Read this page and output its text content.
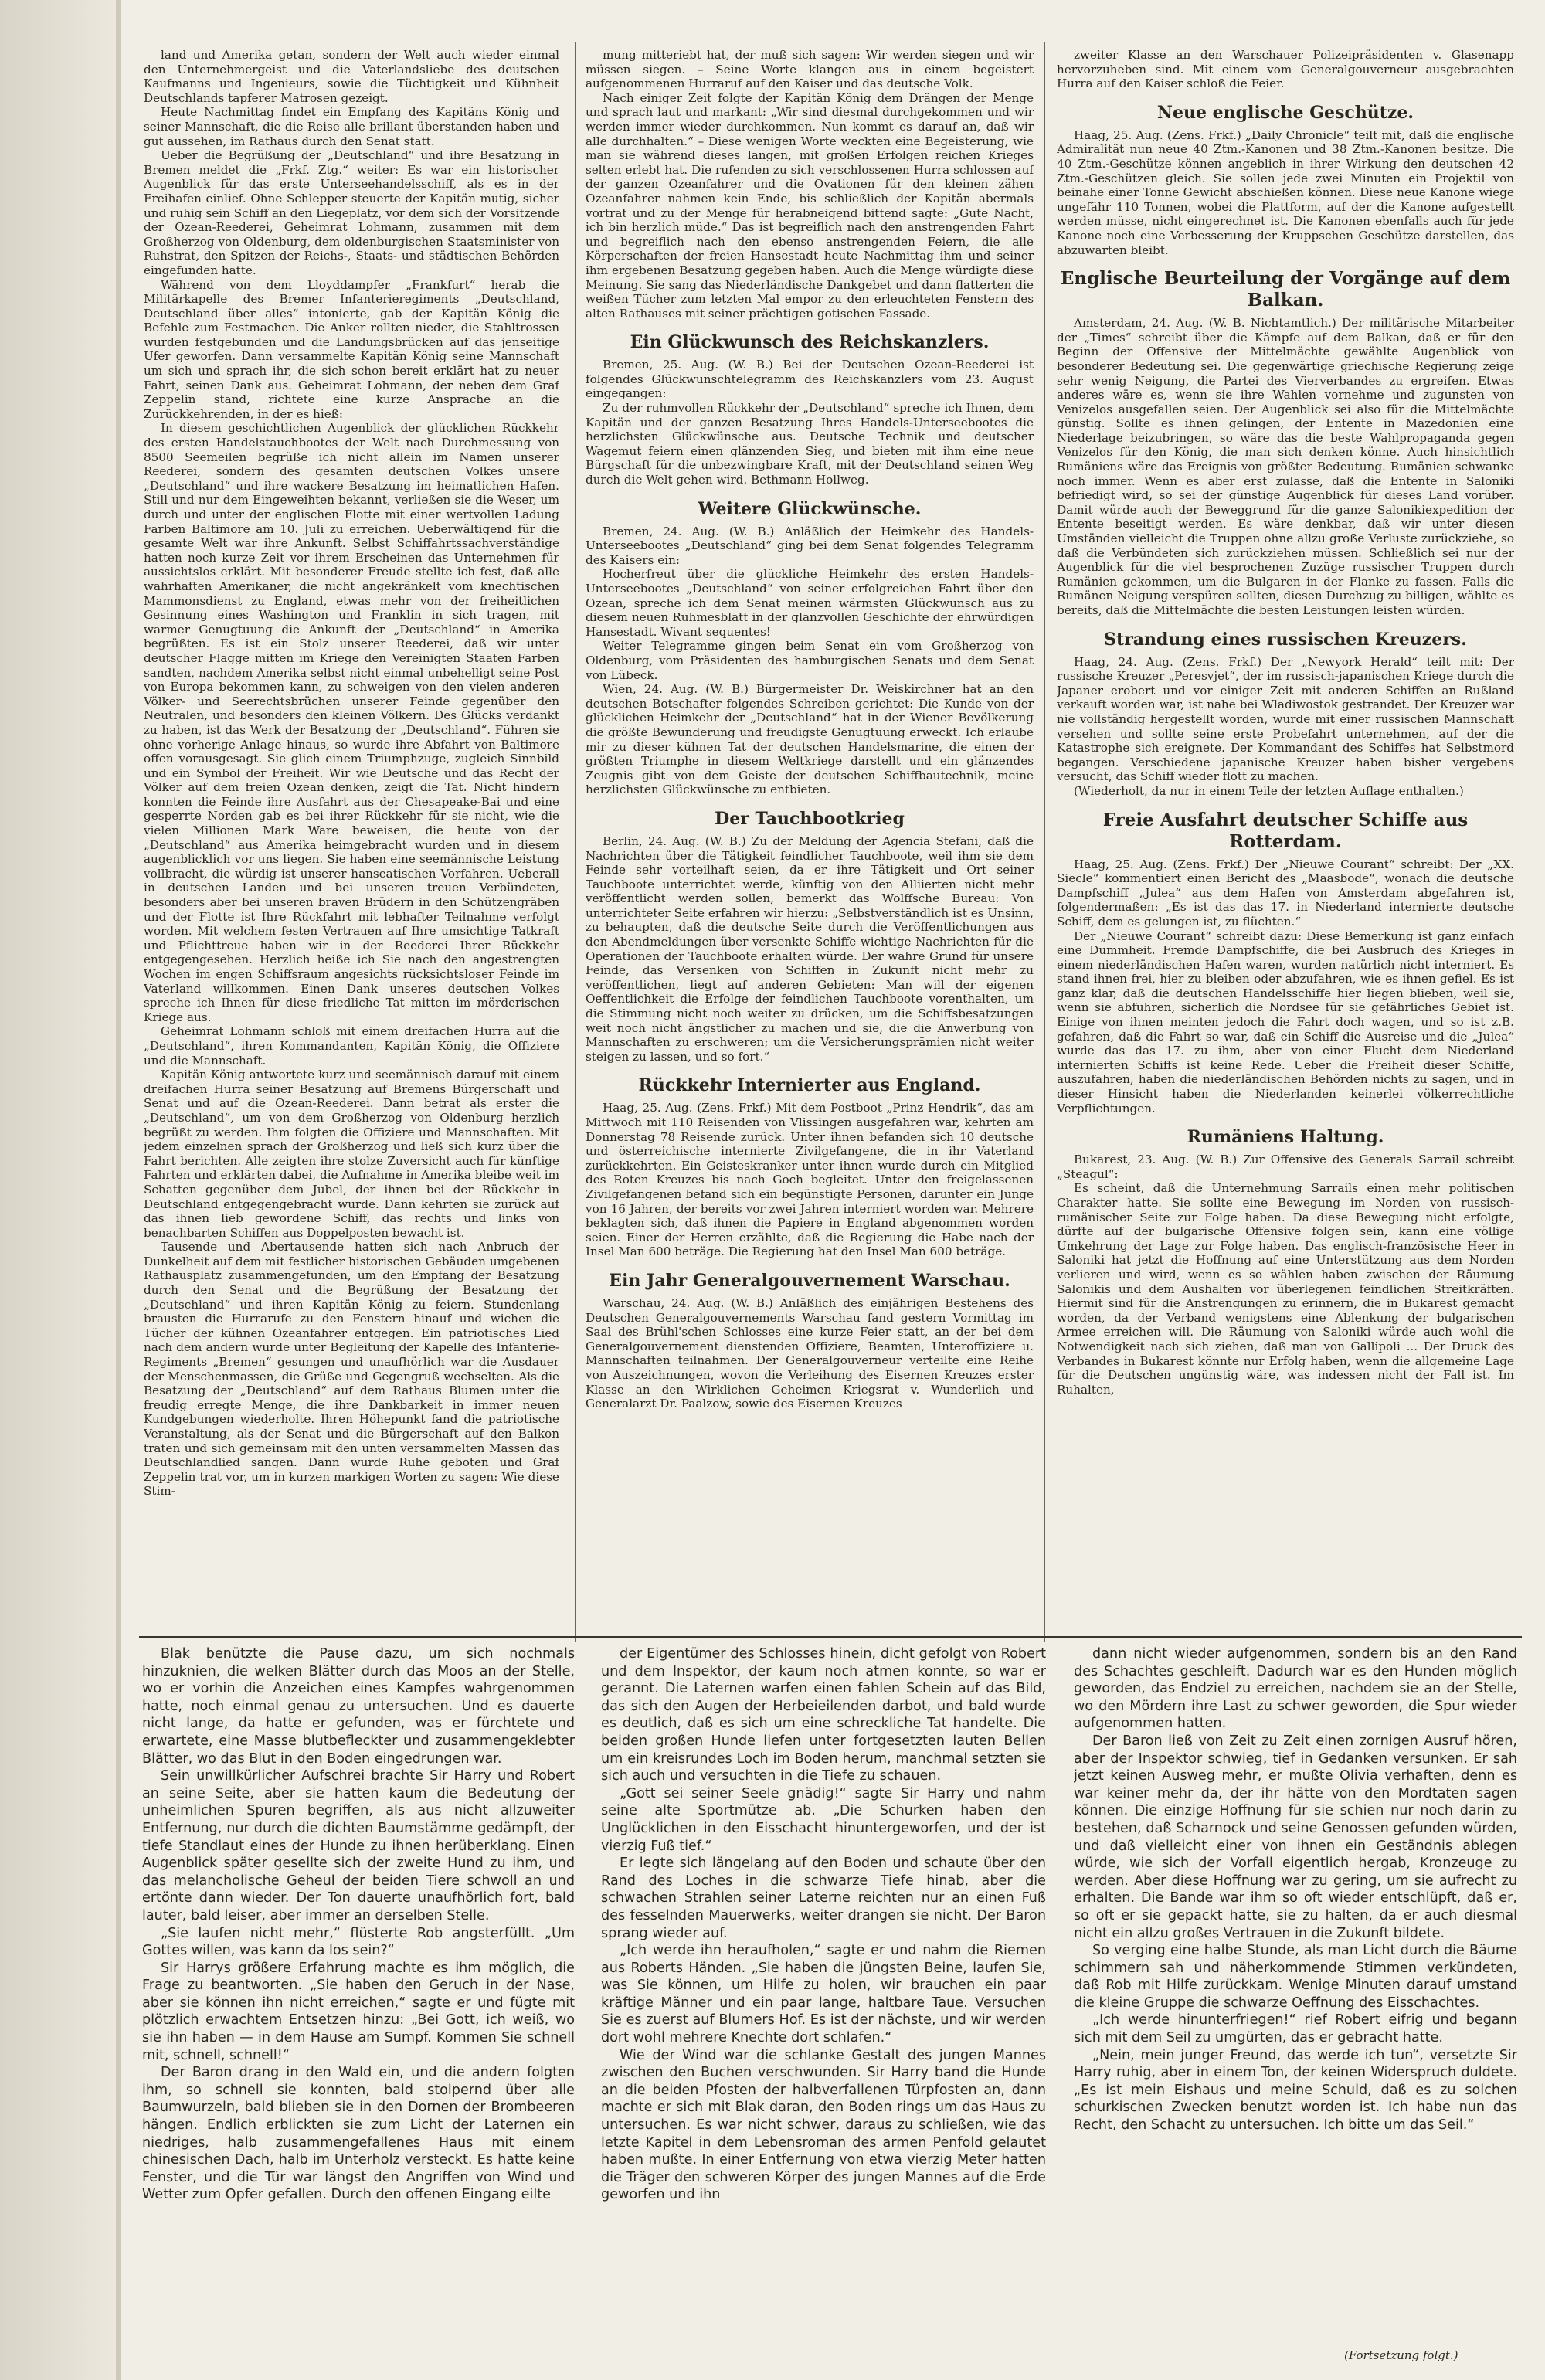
land und Amerika getan, sondern der Welt auch wieder einmal den Unternehmergeist und die Vaterlandsliebe des deutschen Kaufmanns und Ingenieurs, sowie die Tüchtigkeit und Kühnheit Deutschlands tapferer Matrosen gezeigt.

Heute Nachmittag findet ein Empfang des Kapitäns König und seiner Mannschaft, die die Reise alle brillant überstanden haben und gut aussehen, im Rathaus durch den Senat statt.

Ueber die Begrüßung der „Deutschland“ und ihre Besatzung in Bremen meldet die „Frkf. Ztg.“ weiter: Es war ein historischer Augenblick für das erste Unterseehandelsschiff, als es in der Freihafen einlief. Ohne Schlepper steuerte der Kapitän mutig, sicher und ruhig sein Schiff an den Liegeplatz, vor dem sich der Vorsitzende der Ozean-Reederei, Geheimrat Lohmann, zusammen mit dem Großherzog von Oldenburg, dem oldenburgischen Staatsminister von Ruhstrat, den Spitzen der Reichs-, Staats- und städtischen Behörden eingefunden hatte.

Während von dem Lloyddampfer „Frankfurt“ herab die Militärkapelle des Bremer Infanterieregiments „Deutschland, Deutschland über alles“ intonierte, gab der Kapitän König die Befehle zum Festmachen. Die Anker rollten nieder, die Stahltrossen wurden festgebunden und die Landungsbrücken auf das jenseitige Ufer geworfen. Dann versammelte Kapitän König seine Mannschaft um sich und sprach ihr, die sich schon bereit erklärt hat zu neuer Fahrt, seinen Dank aus. Geheimrat Lohmann, der neben dem Graf Zeppelin stand, richtete eine kurze Ansprache an die Zurückkehrenden, in der es hieß:

In diesem geschichtlichen Augenblick der glücklichen Rückkehr des ersten Handelstauchbootes der Welt nach Durchmessung von 8500 Seemeilen begrüße ich nicht allein im Namen unserer Reederei, sondern des gesamten deutschen Volkes unsere „Deutschland“ und ihre wackere Besatzung im heimatlichen Hafen. Still und nur dem Eingeweihten bekannt, verließen sie die Weser, um durch und unter der englischen Flotte mit einer wertvollen Ladung Farben Baltimore am 10. Juli zu erreichen. Ueberwältigend für die gesamte Welt war ihre Ankunft. Selbst Schiffahrtssachverständige hatten noch kurze Zeit vor ihrem Erscheinen das Unternehmen für aussichtslos erklärt. Mit besonderer Freude stellte ich fest, daß alle wahrhaften Amerikaner, die nicht angekränkelt vom knechtischen Mammonsdienst zu England, etwas mehr von der freiheitlichen Gesinnung eines Washington und Franklin in sich tragen, mit warmer Genugtuung die Ankunft der „Deutschland“ in Amerika begrüßten. Es ist ein Stolz unserer Reederei, daß wir unter deutscher Flagge mitten im Kriege den Vereinigten Staaten Farben sandten, nachdem Amerika selbst nicht einmal unbehelligt seine Post von Europa bekommen kann, zu schweigen von den vielen anderen Völker- und Seerechtsbrüchen unserer Feinde gegenüber den Neutralen, und besonders den kleinen Völkern. Des Glücks verdankt zu haben, ist das Werk der Besatzung der „Deutschland“. Führen sie ohne vorherige Anlage hinaus, so wurde ihre Abfahrt von Baltimore offen vorausgesagt. Sie glich einem Triumphzuge, zugleich Sinnbild und ein Symbol der Freiheit. Wir wie Deutsche und das Recht der Völker auf dem freien Ozean denken, zeigt die Tat. Nicht hindern konnten die Feinde ihre Ausfahrt aus der Chesapeake-Bai und eine gesperrte Norden gab es bei ihrer Rückkehr für sie nicht, wie die vielen Millionen Mark Ware beweisen, die heute von der „Deutschland“ aus Amerika heimgebracht wurden und in diesem augenblicklich vor uns liegen. Sie haben eine seemännische Leistung vollbracht, die würdig ist unserer hanseatischen Vorfahren. Ueberall in deutschen Landen und bei unseren treuen Verbündeten, besonders aber bei unseren braven Brüdern in den Schützengräben und der Flotte ist Ihre Rückfahrt mit lebhafter Teilnahme verfolgt worden. Mit welchem festen Vertrauen auf Ihre umsichtige Tatkraft und Pflichttreue haben wir in der Reederei Ihrer Rückkehr entgegengesehen. Herzlich heiße ich Sie nach den angestrengten Wochen im engen Schiffsraum angesichts rücksichtsloser Feinde im Vaterland willkommen. Einen Dank unseres deutschen Volkes spreche ich Ihnen für diese friedliche Tat mitten im mörderischen Kriege aus.

Geheimrat Lohmann schloß mit einem dreifachen Hurra auf die „Deutschland“, ihren Kommandanten, Kapitän König, die Offiziere und die Mannschaft.

Kapitän König antwortete kurz und seemännisch darauf mit einem dreifachen Hurra seiner Besatzung auf Bremens Bürgerschaft und Senat und auf die Ozean-Reederei. Dann betrat als erster die „Deutschland“, um von dem Großherzog von Oldenburg herzlich begrüßt zu werden. Ihm folgten die Offiziere und Mannschaften. Mit jedem einzelnen sprach der Großherzog und ließ sich kurz über die Fahrt berichten. Alle zeigten ihre stolze Zuversicht auch für künftige Fahrten und erklärten dabei, die Aufnahme in Amerika bleibe weit im Schatten gegenüber dem Jubel, der ihnen bei der Rückkehr in Deutschland entgegengebracht wurde. Dann kehrten sie zurück auf das ihnen lieb gewordene Schiff, das rechts und links von benachbarten Schiffen aus Doppelposten bewacht ist.

Tausende und Abertausende hatten sich nach Anbruch der Dunkelheit auf dem mit festlicher historischen Gebäuden umgebenen Rathausplatz zusammengefunden, um den Empfang der Besatzung durch den Senat und die Begrüßung der Besatzung der „Deutschland“ und ihren Kapitän König zu feiern. Stundenlang brausten die Hurrarufe zu den Fenstern hinauf und wichen die Tücher der kühnen Ozeanfahrer entgegen. Ein patriotisches Lied nach dem andern wurde unter Begleitung der Kapelle des Infanterie-Regiments „Bremen“ gesungen und unaufhörlich war die Ausdauer der Menschenmassen, die Grüße und Gegengruß wechselten. Als die Besatzung der „Deutschland“ auf dem Rathaus Blumen unter die freudig erregte Menge, die ihre Dankbarkeit in immer neuen Kundgebungen wiederholte. Ihren Höhepunkt fand die patriotische Veranstaltung, als der Senat und die Bürgerschaft auf den Balkon traten und sich gemeinsam mit den unten versammelten Massen das Deutschlandlied sangen. Dann wurde Ruhe geboten und Graf Zeppelin trat vor, um in kurzen markigen Worten zu sagen: Wie diese Stim-

mung mitteriebt hat, der muß sich sagen: Wir werden siegen und wir müssen siegen. – Seine Worte klangen aus in einem begeistert aufgenommenen Hurraruf auf den Kaiser und das deutsche Volk.

Nach einiger Zeit folgte der Kapitän König dem Drängen der Menge und sprach laut und markant: „Wir sind diesmal durchgekommen und wir werden immer wieder durchkommen. Nun kommt es darauf an, daß wir alle durchhalten.“ – Diese wenigen Worte weckten eine Begeisterung, wie man sie während dieses langen, mit großen Erfolgen reichen Krieges selten erlebt hat. Die rufenden zu sich verschlossenen Hurra schlossen auf der ganzen Ozeanfahrer und die Ovationen für den kleinen zähen Ozeanfahrer nahmen kein Ende, bis schließlich der Kapitän abermals vortrat und zu der Menge für herabneigend bittend sagte: „Gute Nacht, ich bin herzlich müde.“ Das ist begreiflich nach den anstrengenden Fahrt und begreiflich nach den ebenso anstrengenden Feiern, die alle Körperschaften der freien Hansestadt heute Nachmittag ihm und seiner ihm ergebenen Besatzung gegeben haben. Auch die Menge würdigte diese Meinung. Sie sang das Niederländische Dankgebet und dann flatterten die weißen Tücher zum letzten Mal empor zu den erleuchteten Fenstern des alten Rathauses mit seiner prächtigen gotischen Fassade.

Ein Glückwunsch des Reichskanzlers.

Bremen, 25. Aug. (W. B.) Bei der Deutschen Ozean-Reederei ist folgendes Glückwunschtelegramm des Reichskanzlers vom 23. August eingegangen:

Zu der ruhmvollen Rückkehr der „Deutschland“ spreche ich Ihnen, dem Kapitän und der ganzen Besatzung Ihres Handels-Unterseebootes die herzlichsten Glückwünsche aus. Deutsche Technik und deutscher Wagemut feiern einen glänzenden Sieg, und bieten mit ihm eine neue Bürgschaft für die unbezwingbare Kraft, mit der Deutschland seinen Weg durch die Welt gehen wird. Bethmann Hollweg.

Weitere Glückwünsche.

Bremen, 24. Aug. (W. B.) Anläßlich der Heimkehr des Handels-Unterseebootes „Deutschland“ ging bei dem Senat folgendes Telegramm des Kaisers ein:

Hocherfreut über die glückliche Heimkehr des ersten Handels-Unterseebootes „Deutschland“ von seiner erfolgreichen Fahrt über den Ozean, spreche ich dem Senat meinen wärmsten Glückwunsch aus zu diesem neuen Ruhmesblatt in der glanzvollen Geschichte der ehrwürdigen Hansestadt. Wivant sequentes!

Weiter Telegramme gingen beim Senat ein vom Großherzog von Oldenburg, vom Präsidenten des hamburgischen Senats und dem Senat von Lübeck.

Wien, 24. Aug. (W. B.) Bürgermeister Dr. Weiskirchner hat an den deutschen Botschafter folgendes Schreiben gerichtet: Die Kunde von der glücklichen Heimkehr der „Deutschland“ hat in der Wiener Bevölkerung die größte Bewunderung und freudigste Genugtuung erweckt. Ich erlaube mir zu dieser kühnen Tat der deutschen Handelsmarine, die einen der größten Triumphe in diesem Weltkriege darstellt und ein glänzendes Zeugnis gibt von dem Geiste der deutschen Schiffbautechnik, meine herzlichsten Glückwünsche zu entbieten.

Der Tauchbootkrieg

Berlin, 24. Aug. (W. B.) Zu der Meldung der Agencia Stefani, daß die Nachrichten über die Tätigkeit feindlicher Tauchboote, weil ihm sie dem Feinde sehr vorteilhaft seien, da er ihre Tätigkeit und Ort seiner Tauchboote unterrichtet werde, künftig von den Alliierten nicht mehr veröffentlicht werden sollen, bemerkt das Wolffsche Bureau: Von unterrichteter Seite erfahren wir hierzu: „Selbstverständlich ist es Unsinn, zu behaupten, daß die deutsche Seite durch die Veröffentlichungen aus den Abendmeldungen über versenkte Schiffe wichtige Nachrichten für die Operationen der Tauchboote erhalten würde. Der wahre Grund für unsere Feinde, das Versenken von Schiffen in Zukunft nicht mehr zu veröffentlichen, liegt auf anderen Gebieten: Man will der eigenen Oeffentlichkeit die Erfolge der feindlichen Tauchboote vorenthalten, um die Stimmung nicht noch weiter zu drücken, um die Schiffsbesatzungen weit noch nicht ängstlicher zu machen und sie, die die Anwerbung von Mannschaften zu erschweren; um die Versicherungsprämien nicht weiter steigen zu lassen, und so fort.“

Rückkehr Internierter aus England.

Haag, 25. Aug. (Zens. Frkf.) Mit dem Postboot „Prinz Hendrik“, das am Mittwoch mit 110 Reisenden von Vlissingen ausgefahren war, kehrten am Donnerstag 78 Reisende zurück. Unter ihnen befanden sich 10 deutsche und österreichische internierte Zivilgefangene, die in ihr Vaterland zurückkehrten. Ein Geisteskranker unter ihnen wurde durch ein Mitglied des Roten Kreuzes bis nach Goch begleitet. Unter den freigelassenen Zivilgefangenen befand sich ein begünstigte Personen, darunter ein Junge von 16 Jahren, der bereits vor zwei Jahren interniert worden war. Mehrere beklagten sich, daß ihnen die Papiere in England abgenommen worden seien. Einer der Herren erzählte, daß die Regierung die Habe nach der Insel Man 600 beträge. Die Regierung hat den Insel Man 600 beträge.

Ein Jahr Generalgouvernement Warschau.

Warschau, 24. Aug. (W. B.) Anläßlich des einjährigen Bestehens des Deutschen Generalgouvernements Warschau fand gestern Vormittag im Saal des Brühl'schen Schlosses eine kurze Feier statt, an der bei dem Generalgouvernement dienstenden Offiziere, Beamten, Unteroffiziere u. Mannschaften teilnahmen. Der Generalgouverneur verteilte eine Reihe von Auszeichnungen, wovon die Verleihung des Eisernen Kreuzes erster Klasse an den Wirklichen Geheimen Kriegsrat v. Wunderlich und Generalarzt Dr. Paalzow, sowie des Eisernen Kreuzes

zweiter Klasse an den Warschauer Polizeipräsidenten v. Glasenapp hervorzuheben sind. Mit einem vom Generalgouverneur ausgebrachten Hurra auf den Kaiser schloß die Feier.

Neue englische Geschütze.

Haag, 25. Aug. (Zens. Frkf.) „Daily Chronicle“ teilt mit, daß die englische Admiralität nun neue 40 Ztm.-Kanonen und 38 Ztm.-Kanonen besitze. Die 40 Ztm.-Geschütze können angeblich in ihrer Wirkung den deutschen 42 Ztm.-Geschützen gleich. Sie sollen jede zwei Minuten ein Projektil von beinahe einer Tonne Gewicht abschießen können. Diese neue Kanone wiege ungefähr 110 Tonnen, wobei die Plattform, auf der die Kanone aufgestellt werden müsse, nicht eingerechnet ist. Die Kanonen ebenfalls auch für jede Kanone noch eine Verbesserung der Kruppschen Geschütze darstellen, das abzuwarten bleibt.

Englische Beurteilung der Vorgänge auf dem Balkan.

Amsterdam, 24. Aug. (W. B. Nichtamtlich.) Der militärische Mitarbeiter der „Times“ schreibt über die Kämpfe auf dem Balkan, daß er für den Beginn der Offensive der Mittelmächte gewählte Augenblick von besonderer Bedeutung sei. Die gegenwärtige griechische Regierung zeige sehr wenig Neigung, die Partei des Vierverbandes zu ergreifen. Etwas anderes wäre es, wenn sie ihre Wahlen vornehme und zugunsten von Venizelos ausgefallen seien. Der Augenblick sei also für die Mittelmächte günstig. Sollte es ihnen gelingen, der Entente in Mazedonien eine Niederlage beizubringen, so wäre das die beste Wahlpropaganda gegen Venizelos für den König, die man sich denken könne. Auch hinsichtlich Rumäniens wäre das Ereignis von größter Bedeutung. Rumänien schwanke noch immer. Wenn es aber erst zulasse, daß die Entente in Saloniki befriedigt wird, so sei der günstige Augenblick für dieses Land vorüber. Damit würde auch der Beweggrund für die ganze Salonikiexpedition der Entente beseitigt werden. Es wäre denkbar, daß wir unter diesen Umständen vielleicht die Truppen ohne allzu große Verluste zurückziehe, so daß die Verbündeten sich zurückziehen müssen. Schließlich sei nur der Augenblick für die viel besprochenen Zuzüge russischer Truppen durch Rumänien gekommen, um die Bulgaren in der Flanke zu fassen. Falls die Rumänen Neigung verspüren sollten, diesen Durchzug zu billigen, wählte es bereits, daß die Mittelmächte die besten Leistungen leisten würden.

Strandung eines russischen Kreuzers.

Haag, 24. Aug. (Zens. Frkf.) Der „Newyork Herald“ teilt mit: Der russische Kreuzer „Peresvjet“, der im russisch-japanischen Kriege durch die Japaner erobert und vor einiger Zeit mit anderen Schiffen an Rußland verkauft worden war, ist nahe bei Wladiwostok gestrandet. Der Kreuzer war nie vollständig hergestellt worden, wurde mit einer russischen Mannschaft versehen und sollte seine erste Probefahrt unternehmen, auf der die Katastrophe sich ereignete. Der Kommandant des Schiffes hat Selbstmord begangen. Verschiedene japanische Kreuzer haben bisher vergebens versucht, das Schiff wieder flott zu machen.

(Wiederholt, da nur in einem Teile der letzten Auflage enthalten.)

Freie Ausfahrt deutscher Schiffe aus Rotterdam.

Haag, 25. Aug. (Zens. Frkf.) Der „Nieuwe Courant“ schreibt: Der „XX. Siecle“ kommentiert einen Bericht des „Maasbode“, wonach die deutsche Dampfschiff „Julea“ aus dem Hafen von Amsterdam abgefahren ist, folgendermaßen: „Es ist das das 17. in Niederland internierte deutsche Schiff, dem es gelungen ist, zu flüchten.“

Der „Nieuwe Courant“ schreibt dazu: Diese Bemerkung ist ganz einfach eine Dummheit. Fremde Dampfschiffe, die bei Ausbruch des Krieges in einem niederländischen Hafen waren, wurden natürlich nicht interniert. Es stand ihnen frei, hier zu bleiben oder abzufahren, wie es ihnen gefiel. Es ist ganz klar, daß die deutschen Handelsschiffe hier liegen blieben, weil sie, wenn sie abfuhren, sicherlich die Nordsee für sie gefährliches Gebiet ist. Einige von ihnen meinten jedoch die Fahrt doch wagen, und so ist z.B. gefahren, daß die Fahrt so war, daß ein Schiff die Ausreise und die „Julea“ wurde das das 17. zu ihm, aber von einer Flucht dem Niederland internierten Schiffs ist keine Rede. Ueber die Freiheit dieser Schiffe, auszufahren, haben die niederländischen Behörden nichts zu sagen, und in dieser Hinsicht haben die Niederlanden keinerlei völkerrechtliche Verpflichtungen.

Rumäniens Haltung.

Bukarest, 23. Aug. (W. B.) Zur Offensive des Generals Sarrail schreibt „Steagul“:

Es scheint, daß die Unternehmung Sarrails einen mehr politischen Charakter hatte. Sie sollte eine Bewegung im Norden von russisch-rumänischer Seite zur Folge haben. Da diese Bewegung nicht erfolgte, dürfte auf der bulgarische Offensive folgen sein, kann eine völlige Umkehrung der Lage zur Folge haben. Das englisch-französische Heer in Saloniki hat jetzt die Hoffnung auf eine Unterstützung aus dem Norden verlieren und wird, wenn es so wählen haben zwischen der Räumung Salonikis und dem Aushalten vor überlegenen feindlichen Streitkräften. Hiermit sind für die Anstrengungen zu erinnern, die in Bukarest gemacht worden, da der Verband wenigstens eine Ablenkung der bulgarischen Armee erreichen will. Die Räumung von Saloniki würde auch wohl die Notwendigkeit nach sich ziehen, daß man von Gallipoli ... Der Druck des Verbandes in Bukarest könnte nur Erfolg haben, wenn die allgemeine Lage für die Deutschen ungünstig wäre, was indessen nicht der Fall ist. Im Ruhalten,

Blak benützte die Pause dazu, um sich nochmals hinzuknien, die welken Blätter durch das Moos an der Stelle, wo er vorhin die Anzeichen eines Kampfes wahrgenommen hatte, noch einmal genau zu untersuchen. Und es dauerte nicht lange, da hatte er gefunden, was er fürchtete und erwartete, eine Masse blutbefleckter und zusammengeklebter Blätter, wo das Blut in den Boden eingedrungen war.

Sein unwillkürlicher Aufschrei brachte Sir Harry und Robert an seine Seite, aber sie hatten kaum die Bedeutung der unheimlichen Spuren begriffen, als aus nicht allzuweiter Entfernung, nur durch die dichten Baumstämme gedämpft, der tiefe Standlaut eines der Hunde zu ihnen herüberklang. Einen Augenblick später gesellte sich der zweite Hund zu ihm, und das melancholische Geheul der beiden Tiere schwoll an und ertönte dann wieder. Der Ton dauerte unaufhörlich fort, bald lauter, bald leiser, aber immer an derselben Stelle.

„Sie laufen nicht mehr,“ flüsterte Rob angsterfüllt. „Um Gottes willen, was kann da los sein?“

Sir Harrys größere Erfahrung machte es ihm möglich, die Frage zu beantworten. „Sie haben den Geruch in der Nase, aber sie können ihn nicht erreichen,“ sagte er und fügte mit plötzlich erwachtem Entsetzen hinzu: „Bei Gott, ich weiß, wo sie ihn haben — in dem Hause am Sumpf. Kommen Sie schnell mit, schnell, schnell!“

Der Baron drang in den Wald ein, und die andern folgten ihm, so schnell sie konnten, bald stolpernd über alle Baumwurzeln, bald blieben sie in den Dornen der Brombeeren hängen. Endlich erblickten sie zum Licht der Laternen ein niedriges, halb zusammengefallenes Haus mit einem chinesischen Dach, halb im Unterholz versteckt. Es hatte keine Fenster, und die Tür war längst den Angriffen von Wind und Wetter zum Opfer gefallen. Durch den offenen Eingang eilte

der Eigentümer des Schlosses hinein, dicht gefolgt von Robert und dem Inspektor, der kaum noch atmen konnte, so war er gerannt. Die Laternen warfen einen fahlen Schein auf das Bild, das sich den Augen der Herbeieilenden darbot, und bald wurde es deutlich, daß es sich um eine schreckliche Tat handelte. Die beiden großen Hunde liefen unter fortgesetzten lauten Bellen um ein kreisrundes Loch im Boden herum, manchmal setzten sie sich auch und versuchten in die Tiefe zu schauen.

„Gott sei seiner Seele gnädig!“ sagte Sir Harry und nahm seine alte Sportmütze ab. „Die Schurken haben den Unglücklichen in den Eisschacht hinuntergeworfen, und der ist vierzig Fuß tief.“

Er legte sich längelang auf den Boden und schaute über den Rand des Loches in die schwarze Tiefe hinab, aber die schwachen Strahlen seiner Laterne reichten nur an einen Fuß des fesselnden Mauerwerks, weiter drangen sie nicht. Der Baron sprang wieder auf.

„Ich werde ihn heraufholen,“ sagte er und nahm die Riemen aus Roberts Händen. „Sie haben die jüngsten Beine, laufen Sie, was Sie können, um Hilfe zu holen, wir brauchen ein paar kräftige Männer und ein paar lange, haltbare Taue. Versuchen Sie es zuerst auf Blumers Hof. Es ist der nächste, und wir werden dort wohl mehrere Knechte dort schlafen.“

Wie der Wind war die schlanke Gestalt des jungen Mannes zwischen den Buchen verschwunden. Sir Harry band die Hunde an die beiden Pfosten der halbverfallenen Türpfosten an, dann machte er sich mit Blak daran, den Boden rings um das Haus zu untersuchen. Es war nicht schwer, daraus zu schließen, wie das letzte Kapitel in dem Lebensroman des armen Penfold gelautet haben mußte. In einer Entfernung von etwa vierzig Meter hatten die Träger den schweren Körper des jungen Mannes auf die Erde geworfen und ihn

dann nicht wieder aufgenommen, sondern bis an den Rand des Schachtes geschleift. Dadurch war es den Hunden möglich geworden, das Endziel zu erreichen, nachdem sie an der Stelle, wo den Mördern ihre Last zu schwer geworden, die Spur wieder aufgenommen hatten.

Der Baron ließ von Zeit zu Zeit einen zornigen Ausruf hören, aber der Inspektor schwieg, tief in Gedanken versunken. Er sah jetzt keinen Ausweg mehr, er mußte Olivia verhaften, denn es war keiner mehr da, der ihr hätte von den Mordtaten sagen können. Die einzige Hoffnung für sie schien nur noch darin zu bestehen, daß Scharnock und seine Genossen gefunden würden, und daß vielleicht einer von ihnen ein Geständnis ablegen würde, wie sich der Vorfall eigentlich hergab, Kronzeuge zu werden. Aber diese Hoffnung war zu gering, um sie aufrecht zu erhalten. Die Bande war ihm so oft wieder entschlüpft, daß er, so oft er sie gepackt hatte, sie zu halten, da er auch diesmal nicht ein allzu großes Vertrauen in die Zukunft bildete.

So verging eine halbe Stunde, als man Licht durch die Bäume schimmern sah und näherkommende Stimmen verkündeten, daß Rob mit Hilfe zurückkam. Wenige Minuten darauf umstand die kleine Gruppe die schwarze Oeffnung des Eisschachtes.

„Ich werde hinunterfriegen!“ rief Robert eifrig und begann sich mit dem Seil zu umgürten, das er gebracht hatte.

„Nein, mein junger Freund, das werde ich tun“, versetzte Sir Harry ruhig, aber in einem Ton, der keinen Widerspruch duldete. „Es ist mein Eishaus und meine Schuld, daß es zu solchen schurkischen Zwecken benutzt worden ist. Ich habe nun das Recht, den Schacht zu untersuchen. Ich bitte um das Seil.“

(Fortsetzung folgt.)
